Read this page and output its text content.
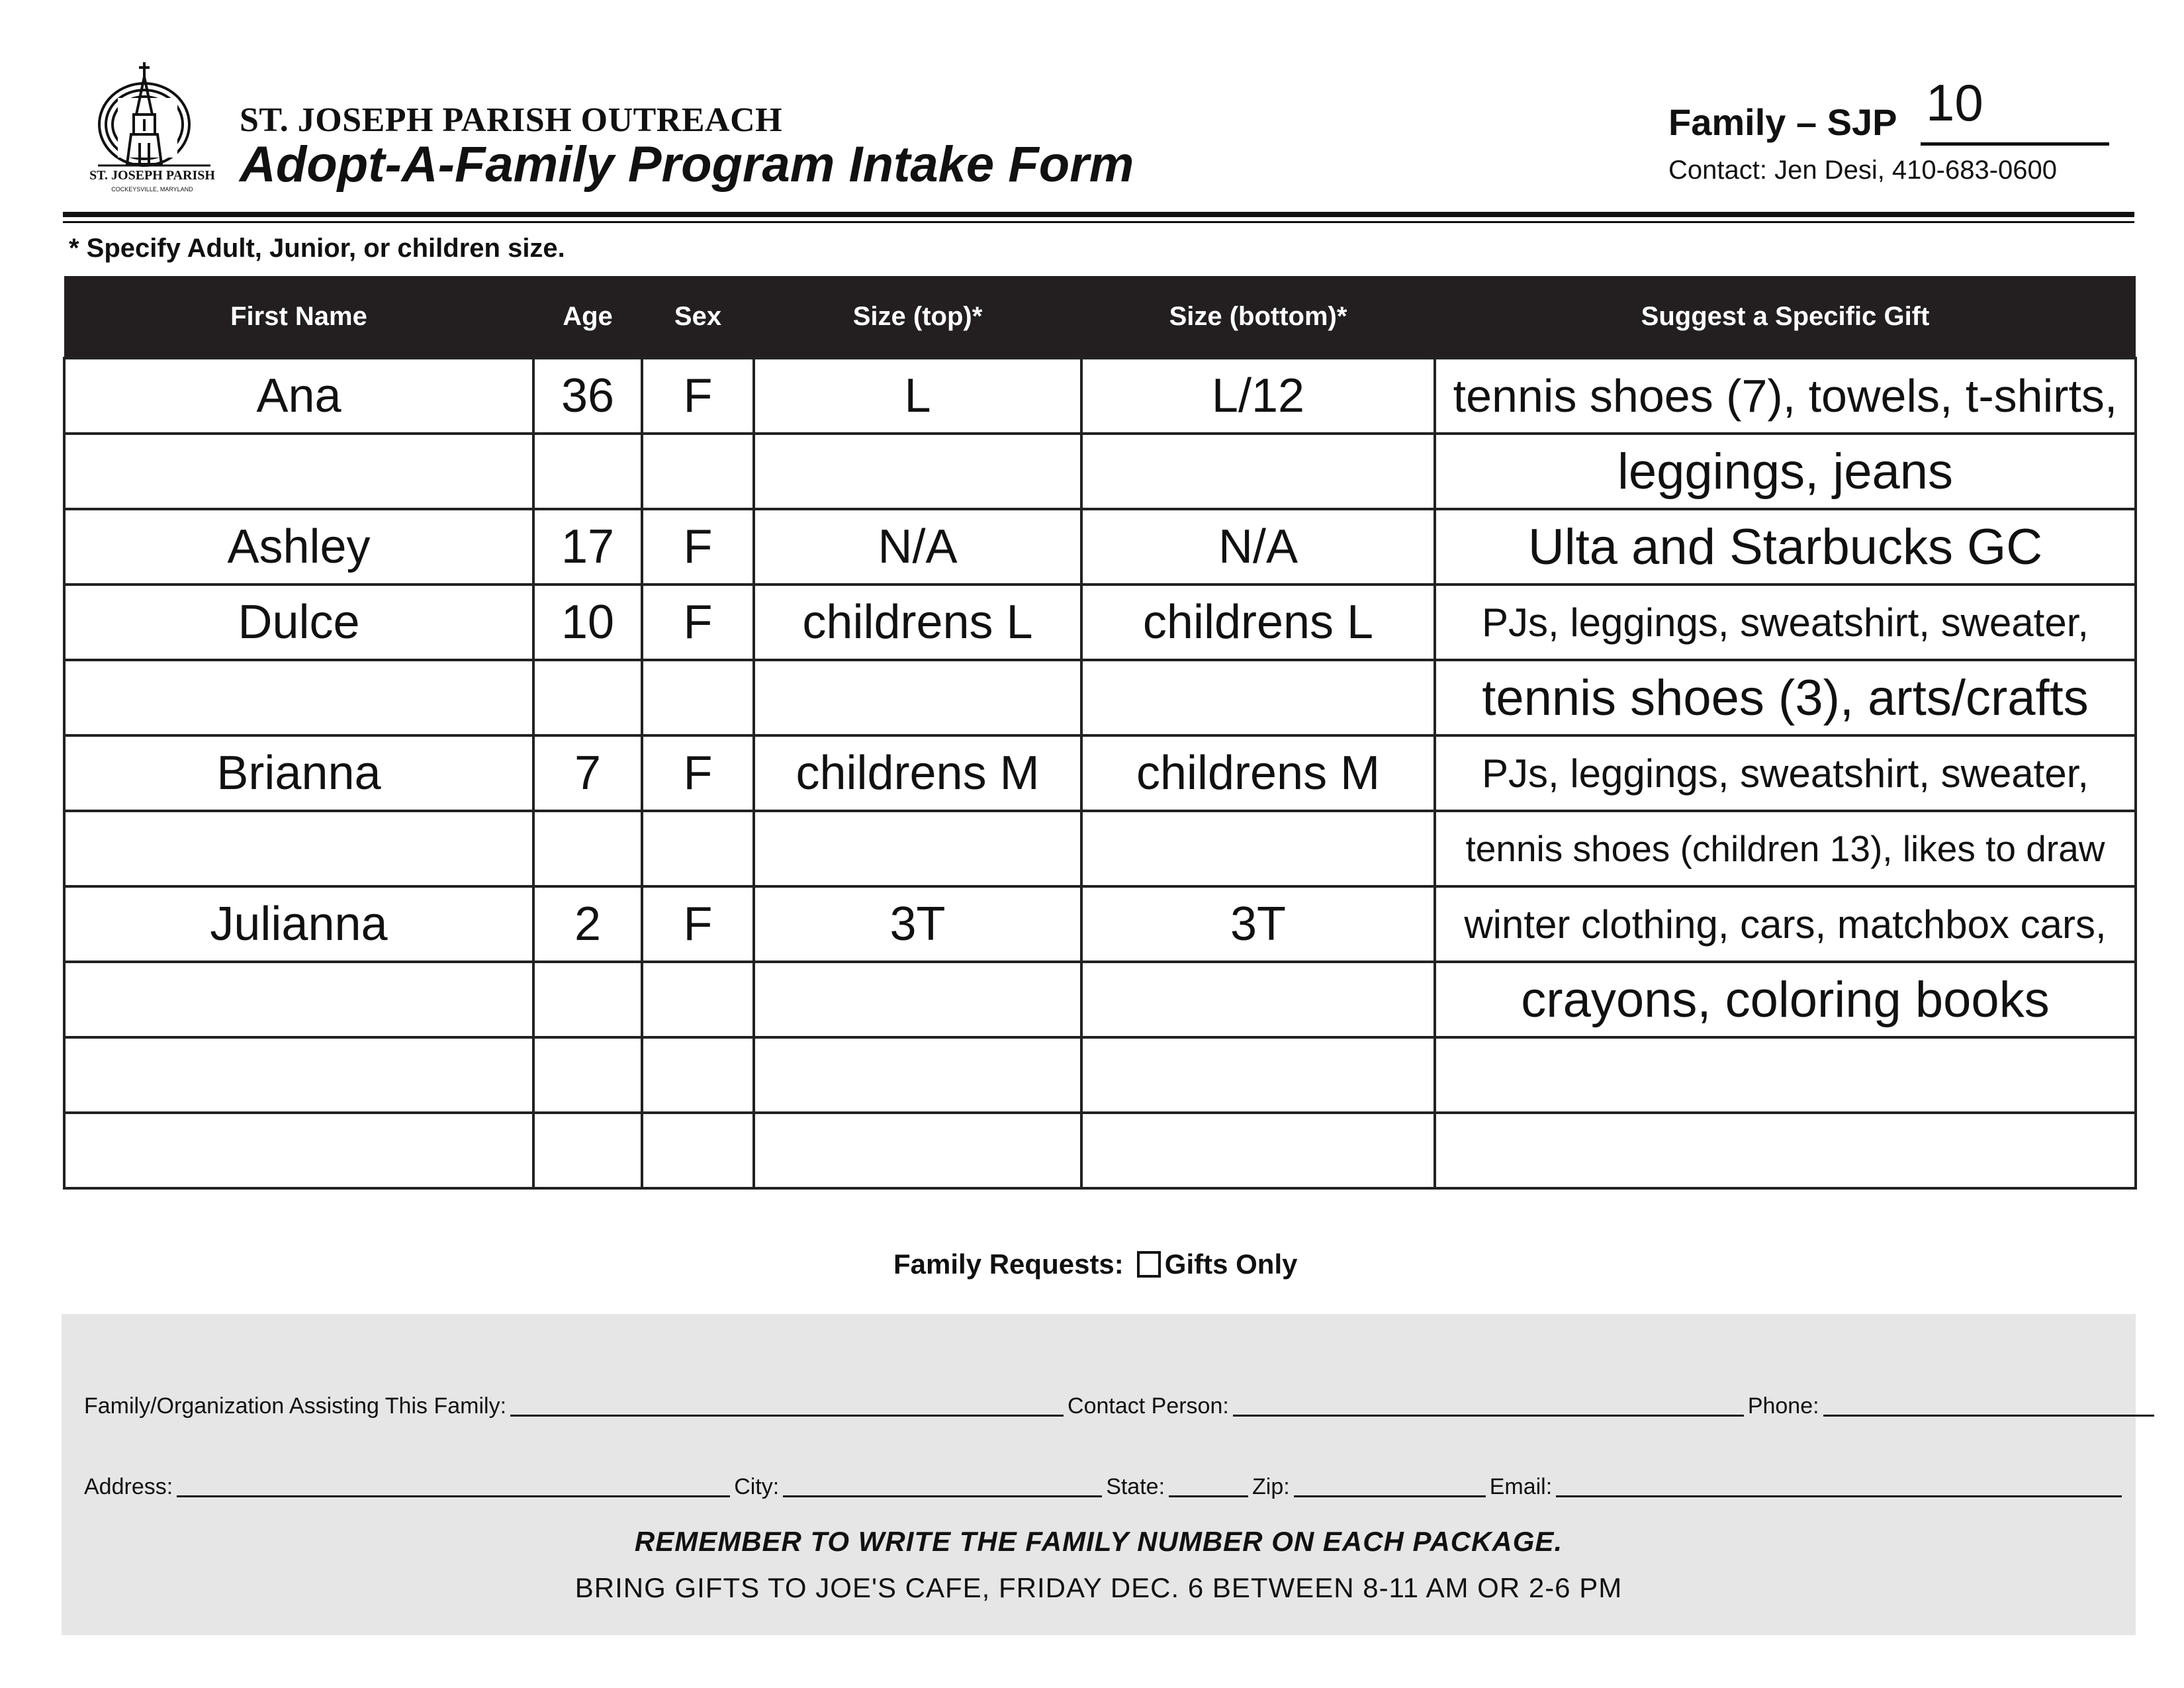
ST. JOSEPH PARISH
COCKEYSVILLE, MARYLAND
ST. JOSEPH PARISH OUTREACH
Adopt-A-Family Program Intake Form
Family – SJP 10
Contact: Jen Desi, 410-683-0600
* Specify Adult, Junior, or children size.
First Name	Age	Sex	Size (top)*	Size (bottom)*	Suggest a Specific Gift
Ana	36	F	L	L/12	tennis shoes (7), towels, t-shirts,
					leggings, jeans
Ashley	17	F	N/A	N/A	Ulta and Starbucks GC
Dulce	10	F	childrens L	childrens L	PJs, leggings, sweatshirt, sweater,
					tennis shoes (3), arts/crafts
Brianna	7	F	childrens M	childrens M	PJs, leggings, sweatshirt, sweater,
					tennis shoes (children 13), likes to draw
Julianna	2	F	3T	3T	winter clothing, cars, matchbox cars,
					crayons, coloring books

Family Requests: Gifts Only
Family/Organization Assisting This Family:	Contact Person:	Phone:
Address:	City:	State:	Zip:	Email:
REMEMBER TO WRITE THE FAMILY NUMBER ON EACH PACKAGE.
BRING GIFTS TO JOE'S CAFE, FRIDAY DEC. 6 BETWEEN 8-11 AM OR 2-6 PM
